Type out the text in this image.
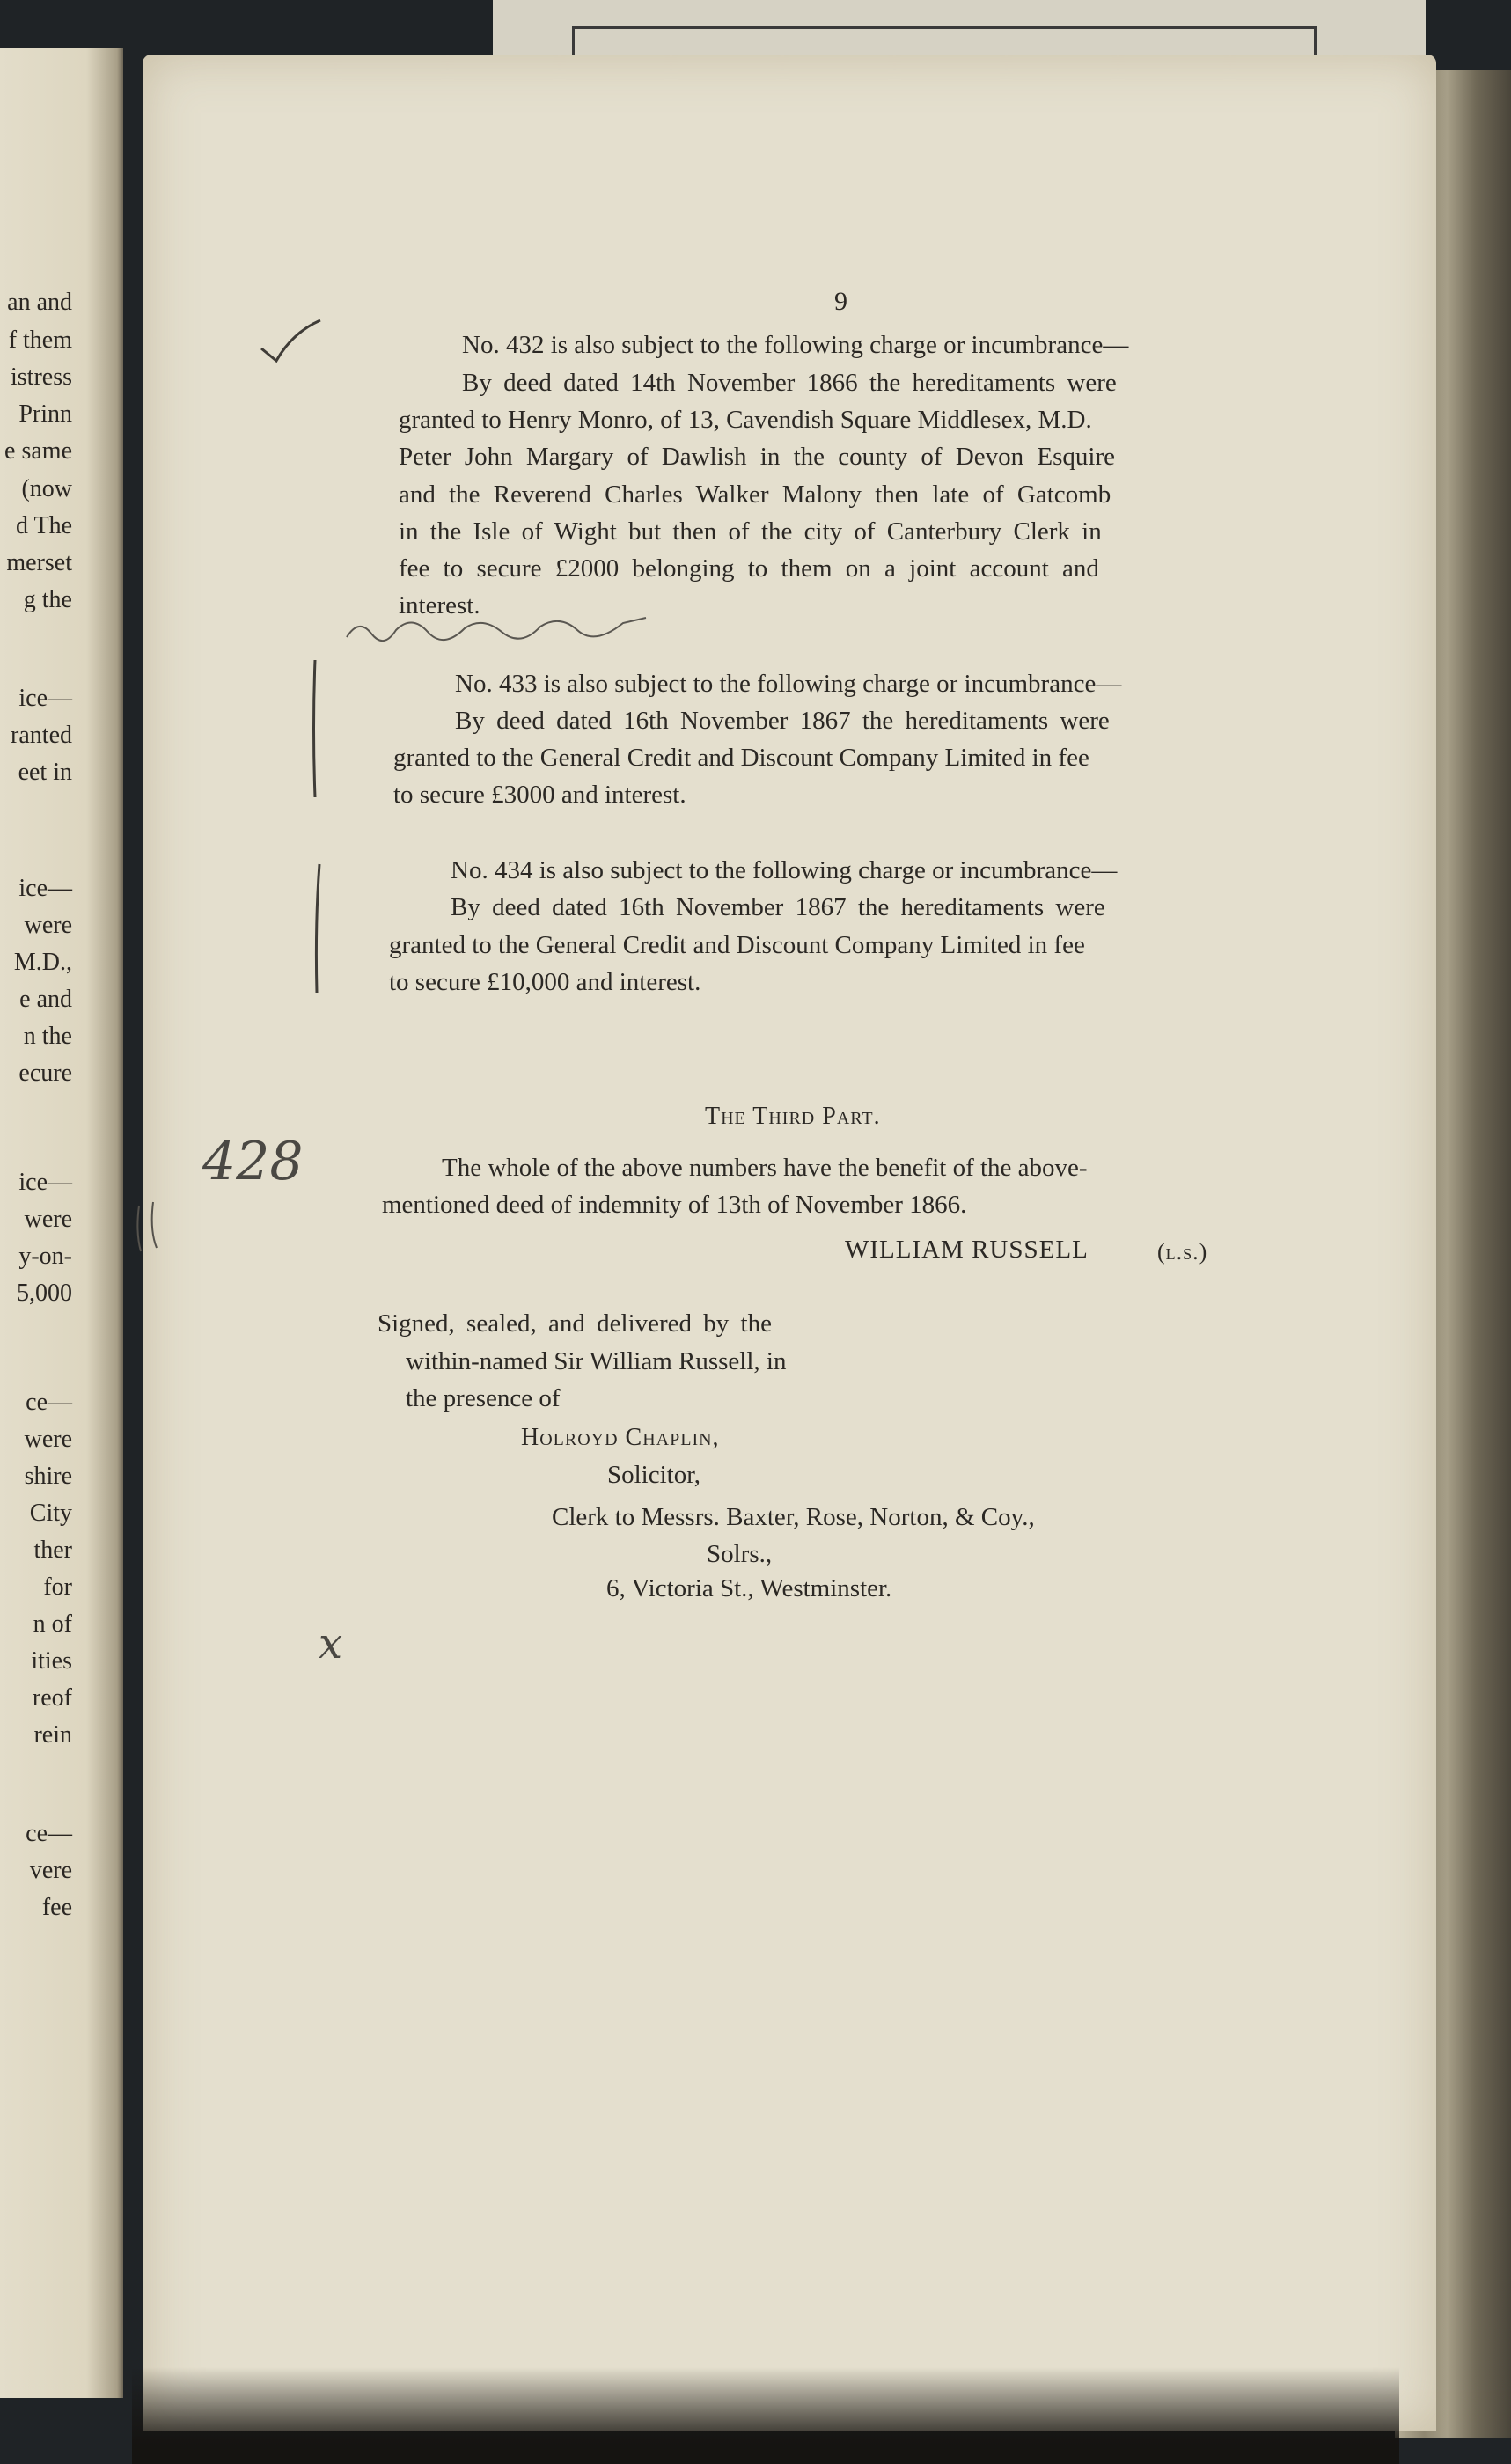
an and
f them
istress
Prinn
e same
(now
d The
merset
g the
ice—
ranted
eet in
ice—
were
M.D.,
e and
n the
ecure
ice—
were
y-on-
5,000
ce—
were
shire
City
ther
for
n of
ities
reof
rein
ce—
vere
fee
9
No. 432 is also subject to the following charge or incumbrance—
By deed dated 14th November 1866 the hereditaments were
granted to Henry Monro, of 13, Cavendish Square Middlesex, M.D.
Peter John Margary of Dawlish in the county of Devon Esquire
and the Reverend Charles Walker Malony then late of Gatcomb
in the Isle of Wight but then of the city of Canterbury Clerk in
fee to secure £2000 belonging to them on a joint account and
interest.
No. 433 is also subject to the following charge or incumbrance—
By deed dated 16th November 1867 the hereditaments were
granted to the General Credit and Discount Company Limited in fee
to secure £3000 and interest.
No. 434 is also subject to the following charge or incumbrance—
By deed dated 16th November 1867 the hereditaments were
granted to the General Credit and Discount Company Limited in fee
to secure £10,000 and interest.
The Third Part.
428	The whole of the above numbers have the benefit of the above-
mentioned deed of indemnity of 13th of November 1866.
WILLIAM RUSSELL	(l.s.)
Signed, sealed, and delivered by the
within-named Sir William Russell, in
the presence of
Holroyd Chaplin,
Solicitor,
Clerk to Messrs. Baxter, Rose, Norton, & Coy.,
Solrs.,
6, Victoria St., Westminster.
x
